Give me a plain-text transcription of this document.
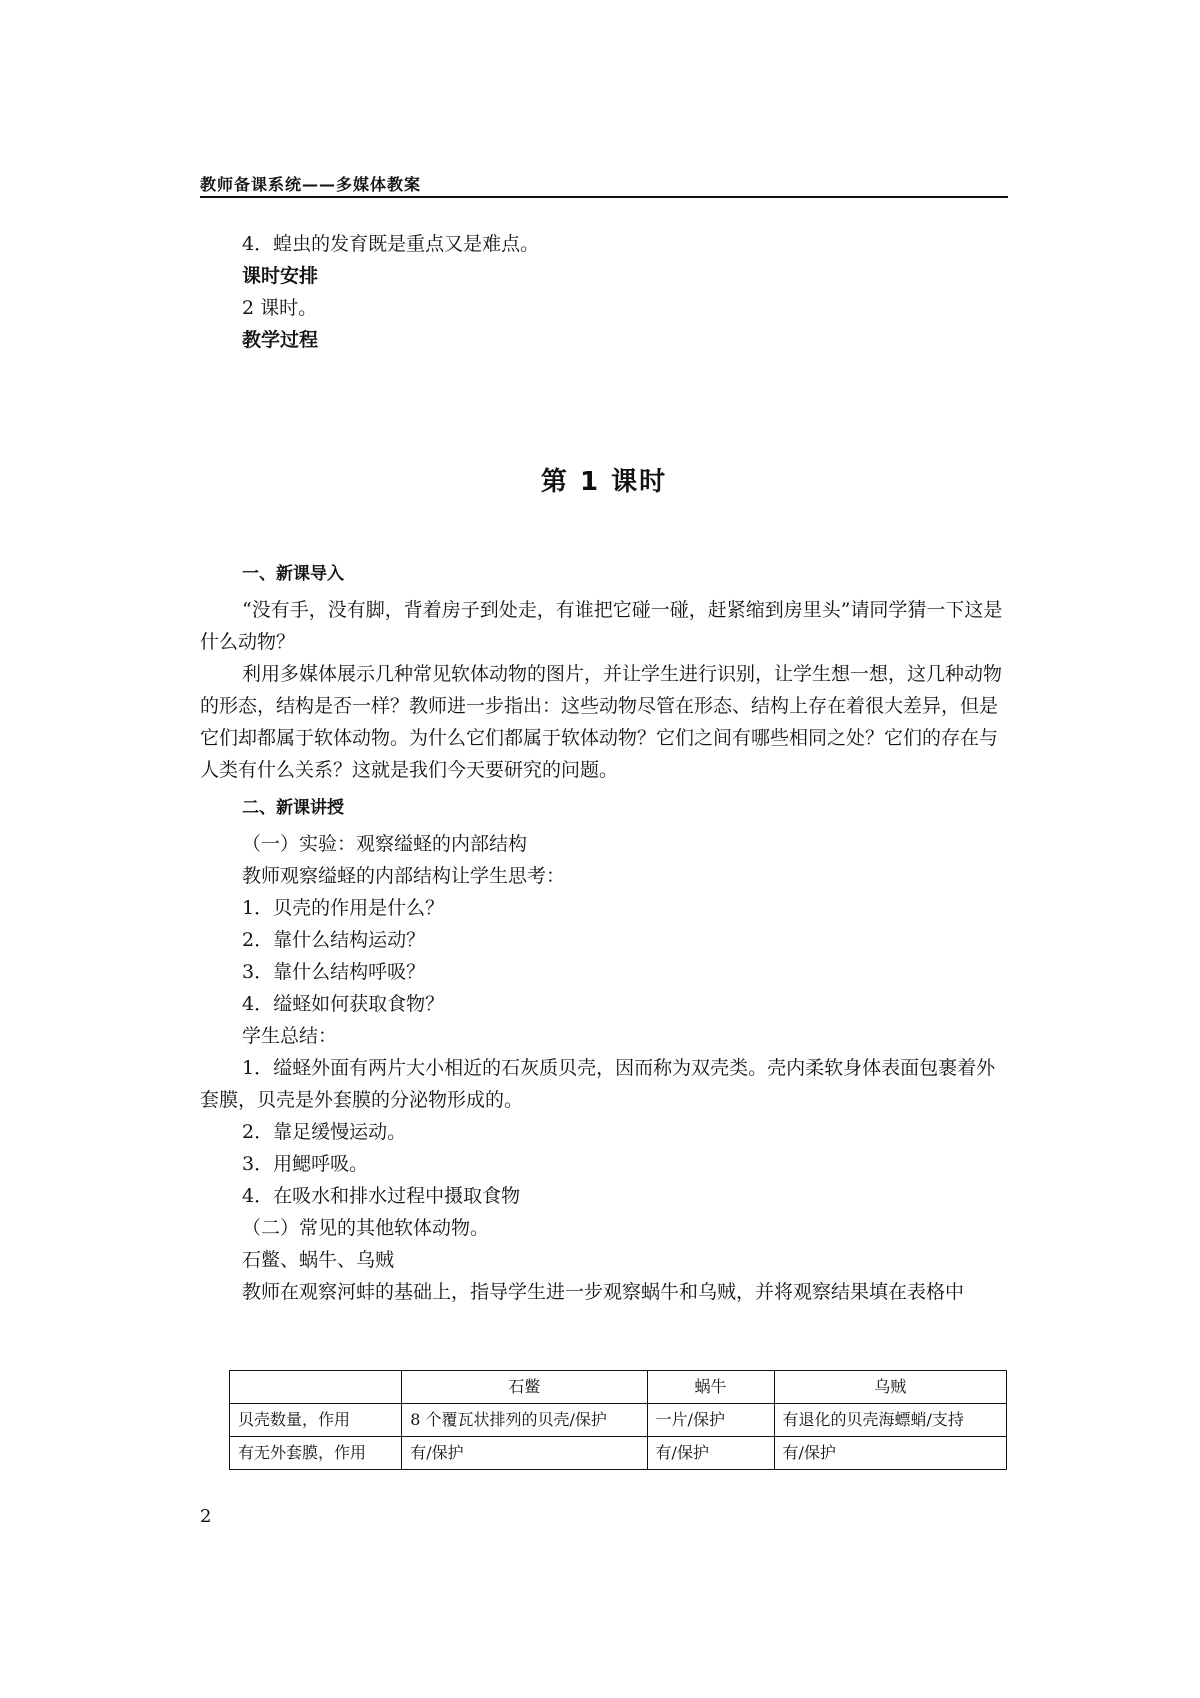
教师备课系统——多媒体教案

4．蝗虫的发育既是重点又是难点。

课时安排

2 课时。

教学过程

第 1 课时

一、新课导入

“没有手，没有脚，背着房子到处走，有谁把它碰一碰，赶紧缩到房里头”请同学猜一下这是什么动物？

利用多媒体展示几种常见软体动物的图片，并让学生进行识别，让学生想一想，这几种动物的形态，结构是否一样？教师进一步指出：这些动物尽管在形态、结构上存在着很大差异，但是它们却都属于软体动物。为什么它们都属于软体动物？它们之间有哪些相同之处？它们的存在与人类有什么关系？这就是我们今天要研究的问题。

二、新课讲授

（一）实验：观察缢蛏的内部结构

教师观察缢蛏的内部结构让学生思考：

1．贝壳的作用是什么？

2．靠什么结构运动？

3．靠什么结构呼吸？

4．缢蛏如何获取食物？

学生总结：

1．缢蛏外面有两片大小相近的石灰质贝壳，因而称为双壳类。壳内柔软身体表面包裹着外套膜，贝壳是外套膜的分泌物形成的。

2．靠足缓慢运动。

3．用鳃呼吸。

4．在吸水和排水过程中摄取食物

（二）常见的其他软体动物。

石鳖、蜗牛、乌贼

教师在观察河蚌的基础上，指导学生进一步观察蜗牛和乌贼，并将观察结果填在表格中

	石鳖	蜗牛	乌贼
贝壳数量，作用	8 个覆瓦状排列的贝壳/保护	一片/保护	有退化的贝壳海螵蛸/支持
有无外套膜，作用	有/保护	有/保护	有/保护
2
